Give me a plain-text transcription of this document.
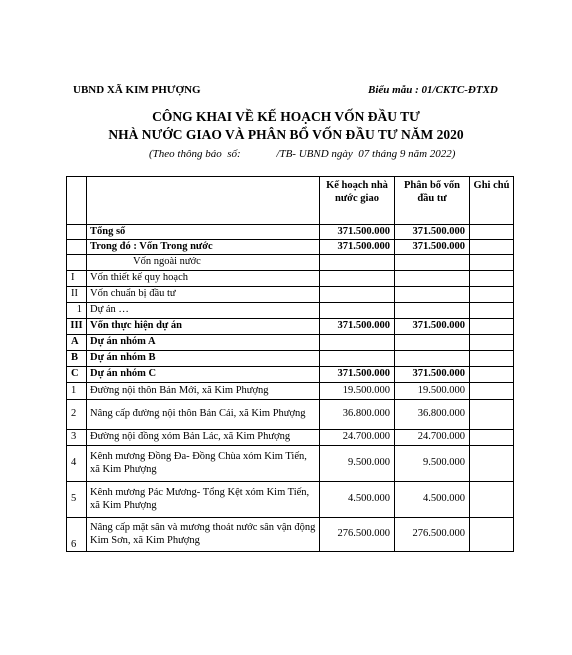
UBND XÃ KIM PHƯỢNG	Biểu mẫu : 01/CKTC-ĐTXD
CÔNG KHAI VỀ KẾ HOẠCH VỐN ĐẦU TƯ
NHÀ NƯỚC GIAO VÀ PHÂN BỔ VỐN ĐẦU TƯ NĂM 2020
(Theo thông báo  số:             /TB- UBND ngày  07 tháng 9 năm 2022)
		Kế hoạch nhà nước giao	Phân bổ vốn đầu tư	Ghi chú
	Tổng số	371.500.000	371.500.000	
	Trong đó : Vốn Trong nước	371.500.000	371.500.000	
	Vốn ngoài nước			
I	Vốn thiết kế quy hoạch			
II	Vốn chuẩn bị đầu tư			
1	Dự án …			
III	Vốn thực hiện dự án	371.500.000	371.500.000	
A	Dự án nhóm A			
B	Dự án nhóm B			
C	Dự án nhóm C	371.500.000	371.500.000	
1	Đường nội thôn Bản Mới, xã Kim Phượng	19.500.000	19.500.000	
2	Nâng cấp đường nội thôn Bản Cái, xã Kim Phượng	36.800.000	36.800.000	
3	Đường nội đồng xóm Bản Lác, xã Kim Phượng	24.700.000	24.700.000	
4	Kênh mương Đồng Đa- Đồng Chùa xóm Kim Tiến, xã Kim Phượng	9.500.000	9.500.000	
5	Kênh mương Pác Mương- Tổng Kệt xóm Kim Tiến, xã Kim Phượng	4.500.000	4.500.000	
6	Nâng cấp mặt sân và mương thoát nước sân vận động Kim Sơn, xã Kim Phượng	276.500.000	276.500.000	
